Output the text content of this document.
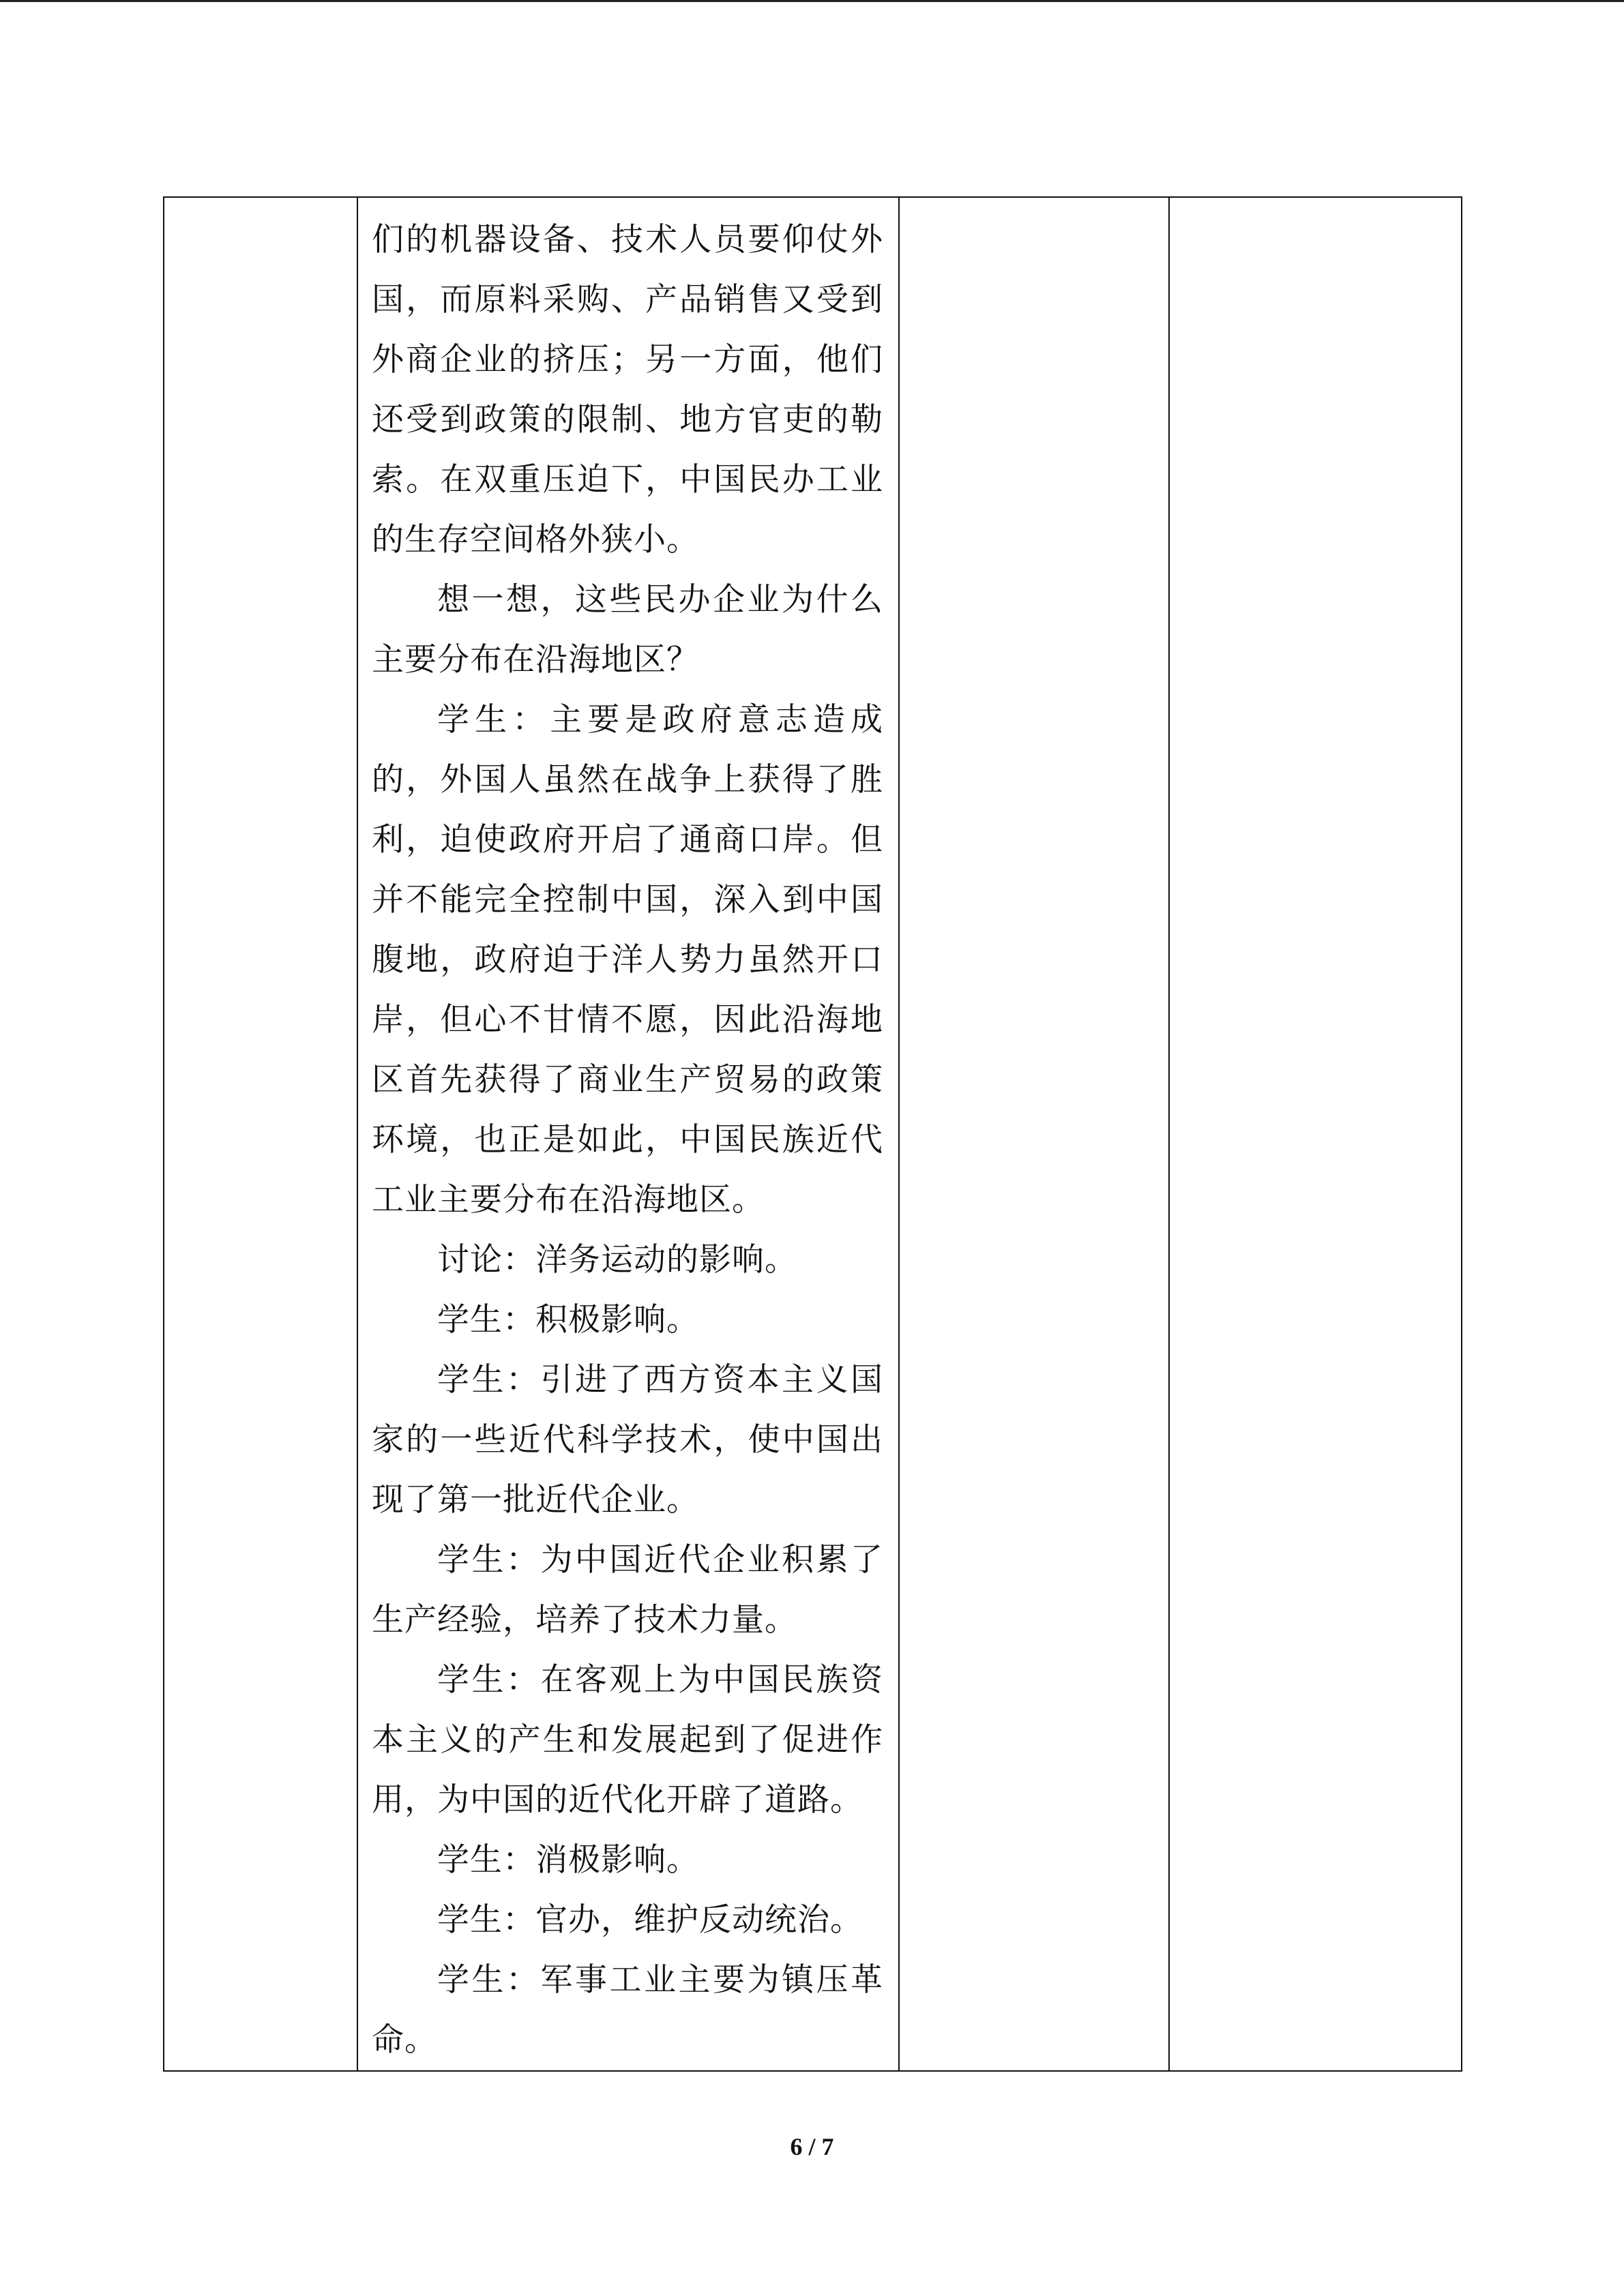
们的机器设备、技术人员要仰仗外国，而原料采购、产品销售又受到外商企业的挤压；另一方面，他们还受到政策的限制、地方官吏的勒索。在双重压迫下，中国民办工业的生存空间格外狭小。

想一想，这些民办企业为什么主要分布在沿海地区？

学生：主要是政府意志造成的，外国人虽然在战争上获得了胜利，迫使政府开启了通商口岸。但并不能完全控制中国，深入到中国腹地，政府迫于洋人势力虽然开口岸，但心不甘情不愿，因此沿海地区首先获得了商业生产贸易的政策环境，也正是如此，中国民族近代工业主要分布在沿海地区。

讨论：洋务运动的影响。

学生：积极影响。

学生：引进了西方资本主义国家的一些近代科学技术，使中国出现了第一批近代企业。

学生：为中国近代企业积累了生产经验，培养了技术力量。

学生：在客观上为中国民族资本主义的产生和发展起到了促进作用，为中国的近代化开辟了道路。

学生：消极影响。

学生：官办，维护反动统治。

学生：军事工业主要为镇压革命。

6 / 7
